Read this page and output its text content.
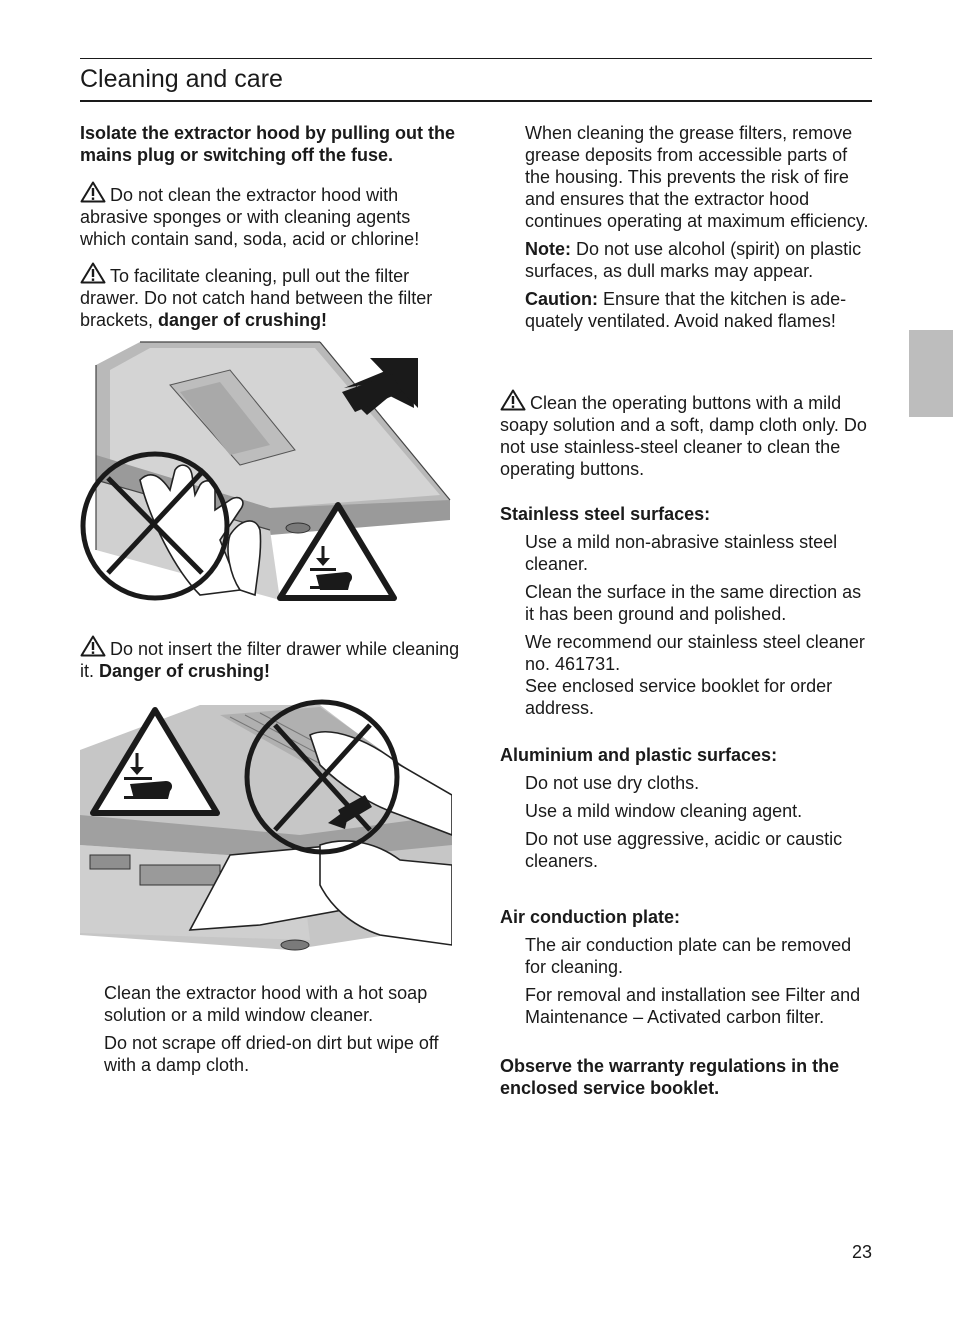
Cleaning and care

Isolate the extractor hood by pulling out the mains plug or switching off the fuse.

Do not clean the extractor hood with abrasive sponges or with cleaning agents which contain sand, soda, acid or chlorine!

To facilitate cleaning, pull out the filter drawer. Do not catch hand between the filter brackets, danger of crushing!

Do not insert the filter drawer while cleaning it. Danger of crushing!

Clean the extractor hood with a hot soap solution or a mild window cleaner.

Do not scrape off dried-on dirt but wipe off with a damp cloth.

When cleaning the grease filters, remove grease deposits from accessible parts of the housing. This prevents the risk of fire and ensures that the extractor hood continues operating at maximum efficiency.

Note: Do not use alcohol (spirit) on plastic surfaces, as dull marks may appear.

Caution: Ensure that the kitchen is ade-quately ventilated. Avoid naked flames!

Clean the operating buttons with a mild soapy solution and a soft, damp cloth only. Do not use stainless-steel cleaner to clean the operating buttons.

Stainless steel surfaces:

Use a mild non-abrasive stainless steel cleaner.

Clean the surface in the same direction as it has been ground and polished.

We recommend our stainless steel cleaner no. 461731.

See enclosed service booklet for order address.

Aluminium and plastic surfaces:

Do not use dry cloths.

Use a mild window cleaning agent.

Do not use aggressive, acidic or caustic cleaners.

Air conduction plate:

The air conduction plate can be removed for cleaning.

For removal and installation see Filter and Maintenance – Activated carbon filter.

Observe the warranty regulations in the enclosed service booklet.

23
